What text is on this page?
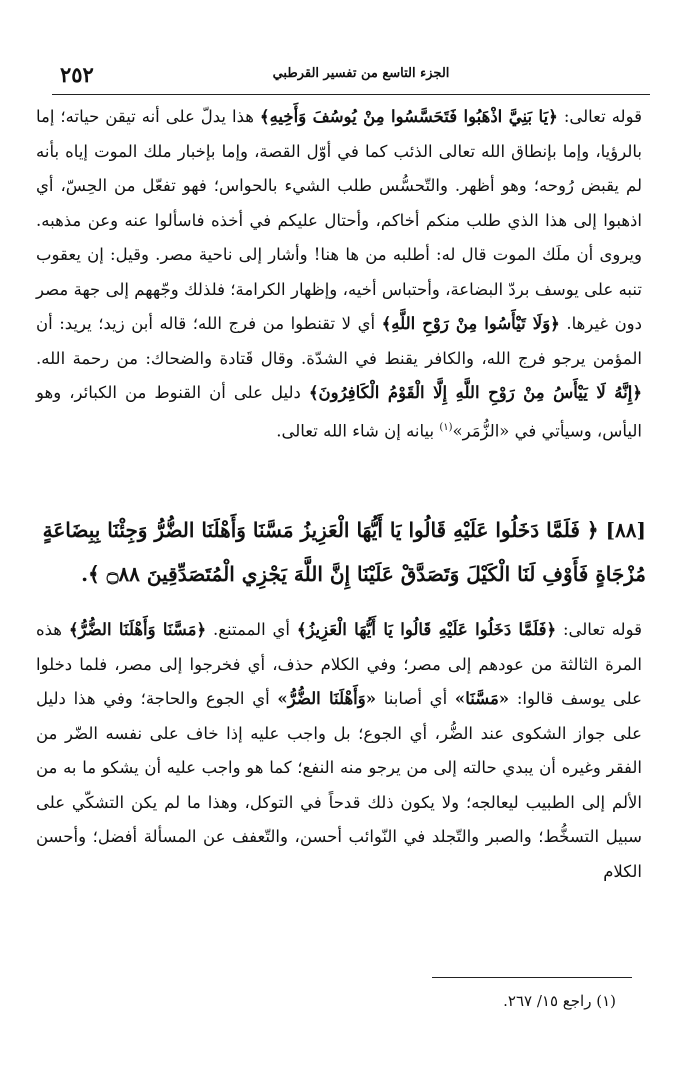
٢٥٢	الجزء التاسع من تفسير القرطبي
قوله تعالى: ﴿يَا بَنِيَّ اذْهَبُوا فَتَحَسَّسُوا مِنْ يُوسُفَ وَأَخِيهِ﴾ هذا يدلّ على أنه تيقن حياته؛ إما بالرؤيا، وإما بإنطاق الله تعالى الذئب كما في أوّل القصة، وإما بإخبار ملك الموت إياه بأنه لم يقبض رُوحه؛ وهو أظهر. والتّحسُّس طلب الشيء بالحواس؛ فهو تفعّل من الحِسّ، أي اذهبوا إلى هذا الذي طلب منكم أخاكم، وأحتال عليكم في أخذه فاسألوا عنه وعن مذهبه. ويروى أن ملَك الموت قال له: أطلبه من ها هنا! وأشار إلى ناحية مصر. وقيل: إن يعقوب تنبه على يوسف بردّ البضاعة، وأحتباس أخيه، وإظهار الكرامة؛ فلذلك وجّههم إلى جهة مصر دون غيرها. ﴿وَلَا تَيْأَسُوا مِنْ رَوْحِ اللَّهِ﴾ أي لا تقنطوا من فرج الله؛ قاله أبن زيد؛ يريد: أن المؤمن يرجو فرج الله، والكافر يقنط في الشدّة. وقال قَتادة والضحاك: من رحمة الله. ﴿إِنَّهُ لَا يَيْأَسُ مِنْ رَوْحِ اللَّهِ إِلَّا الْقَوْمُ الْكَافِرُونَ﴾ دليل على أن القنوط من الكبائر، وهو اليأس، وسيأتي في «الزُّمَر»$^{(١)}$ بيانه إن شاء الله تعالى.
[٨٨] ﴿ فَلَمَّا دَخَلُوا عَلَيْهِ قَالُوا يَا أَيُّهَا الْعَزِيزُ مَسَّنَا وَأَهْلَنَا الضُّرُّ وَجِئْنَا بِبِضَاعَةٍ مُزْجَاةٍ فَأَوْفِ لَنَا الْكَيْلَ وَتَصَدَّقْ عَلَيْنَا إِنَّ اللَّهَ يَجْزِي الْمُتَصَدِّقِينَ ۝٨٨ ﴾.
قوله تعالى: ﴿فَلَمَّا دَخَلُوا عَلَيْهِ قَالُوا يَا أَيُّهَا الْعَزِيزُ﴾ أي الممتنع. ﴿مَسَّنَا وَأَهْلَنَا الضُّرُّ﴾ هذه المرة الثالثة من عودهم إلى مصر؛ وفي الكلام حذف، أي فخرجوا إلى مصر، فلما دخلوا على يوسف قالوا: «مَسَّنَا» أي أصابنا «وَأَهْلَنَا الضُّرُّ» أي الجوع والحاجة؛ وفي هذا دليل على جواز الشكوى عند الضُّر، أي الجوع؛ بل واجب عليه إذا خاف على نفسه الضّر من الفقر وغيره أن يبدي حالته إلى من يرجو منه النفع؛ كما هو واجب عليه أن يشكو ما به من الألم إلى الطبيب ليعالجه؛ ولا يكون ذلك قدحاً في التوكل، وهذا ما لم يكن التشكّي على سبيل التسخُّط؛ والصبر والتّجلد في النّوائب أحسن، والتّعفف عن المسألة أفضل؛ وأحسن الكلام
(١) راجع ١٥/ ٢٦٧.
